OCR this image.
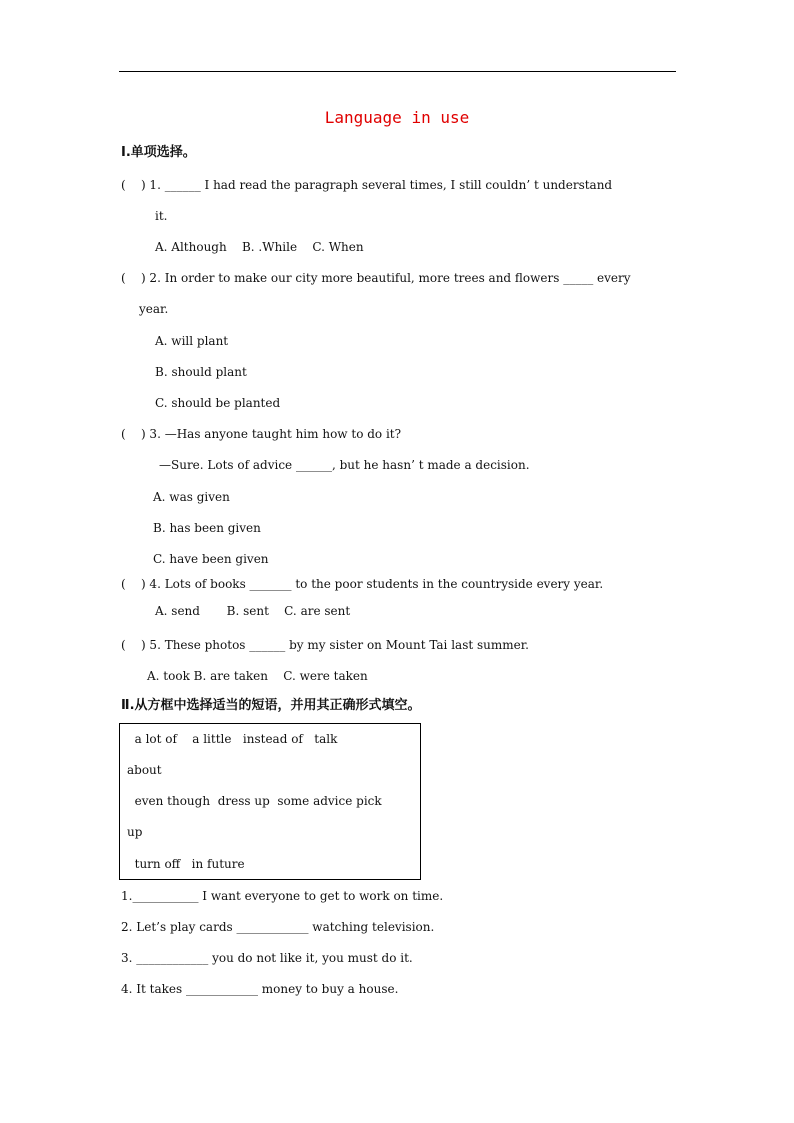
Language in use
Ⅰ.单项选择。
(    ) 1. ______ I had read the paragraph several times, I still couldn’ t understand
it.
A. Although    B. .While    C. When
(    ) 2. In order to make our city more beautiful, more trees and flowers _____ every
year.
A. will plant
B. should plant
C. should be planted
(    ) 3. —Has anyone taught him how to do it?
—Sure. Lots of advice ______, but he hasn’ t made a decision.
A. was given
B. has been given
C. have been given
(    ) 4. Lots of books _______ to the poor students in the countryside every year.
A. send       B. sent    C. are sent
(    ) 5. These photos ______ by my sister on Mount Tai last summer.
A. took B. are taken    C. were taken
Ⅱ.从方框中选择适当的短语，并用其正确形式填空。
a lot of    a little   instead of   talk
about
even though  dress up  some advice pick
up
turn off   in future
1.___________ I want everyone to get to work on time.
2. Let’s play cards ____________ watching television.
3. ____________ you do not like it, you must do it.
4. It takes ____________ money to buy a house.
